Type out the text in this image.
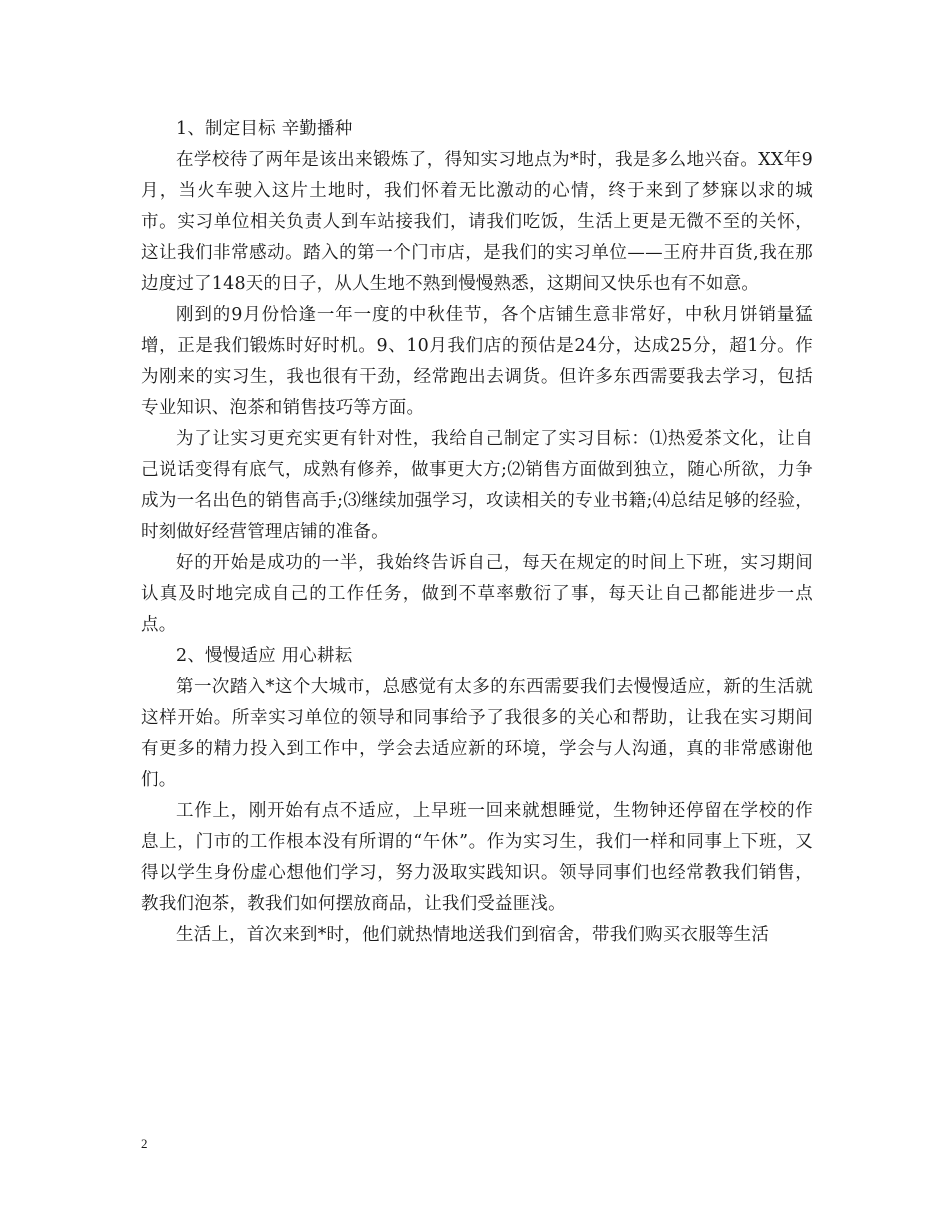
1、制定目标 辛勤播种

在学校待了两年是该出来锻炼了，得知实习地点为*时，我是多么地兴奋。XX年9月，当火车驶入这片土地时，我们怀着无比激动的心情，终于来到了梦寐以求的城市。实习单位相关负责人到车站接我们，请我们吃饭，生活上更是无微不至的关怀，这让我们非常感动。踏入的第一个门市店，是我们的实习单位——王府井百货,我在那边度过了148天的日子，从人生地不熟到慢慢熟悉，这期间又快乐也有不如意。

刚到的9月份恰逢一年一度的中秋佳节，各个店铺生意非常好，中秋月饼销量猛增，正是我们锻炼时好时机。9、10月我们店的预估是24分，达成25分，超1分。作为刚来的实习生，我也很有干劲，经常跑出去调货。但许多东西需要我去学习，包括专业知识、泡茶和销售技巧等方面。

为了让实习更充实更有针对性，我给自己制定了实习目标：⑴热爱茶文化，让自己说话变得有底气，成熟有修养，做事更大方;⑵销售方面做到独立，随心所欲，力争成为一名出色的销售高手;⑶继续加强学习，攻读相关的专业书籍;⑷总结足够的经验，时刻做好经营管理店铺的准备。

好的开始是成功的一半，我始终告诉自己，每天在规定的时间上下班，实习期间认真及时地完成自己的工作任务，做到不草率敷衍了事，每天让自己都能进步一点点。

2、慢慢适应 用心耕耘

第一次踏入*这个大城市，总感觉有太多的东西需要我们去慢慢适应，新的生活就这样开始。所幸实习单位的领导和同事给予了我很多的关心和帮助，让我在实习期间有更多的精力投入到工作中，学会去适应新的环境，学会与人沟通，真的非常感谢他们。

工作上，刚开始有点不适应，上早班一回来就想睡觉，生物钟还停留在学校的作息上，门市的工作根本没有所谓的“午休”。作为实习生，我们一样和同事上下班，又得以学生身份虚心想他们学习，努力汲取实践知识。领导同事们也经常教我们销售，教我们泡茶，教我们如何摆放商品，让我们受益匪浅。

生活上，首次来到*时，他们就热情地送我们到宿舍，带我们购买衣服等生活

2
